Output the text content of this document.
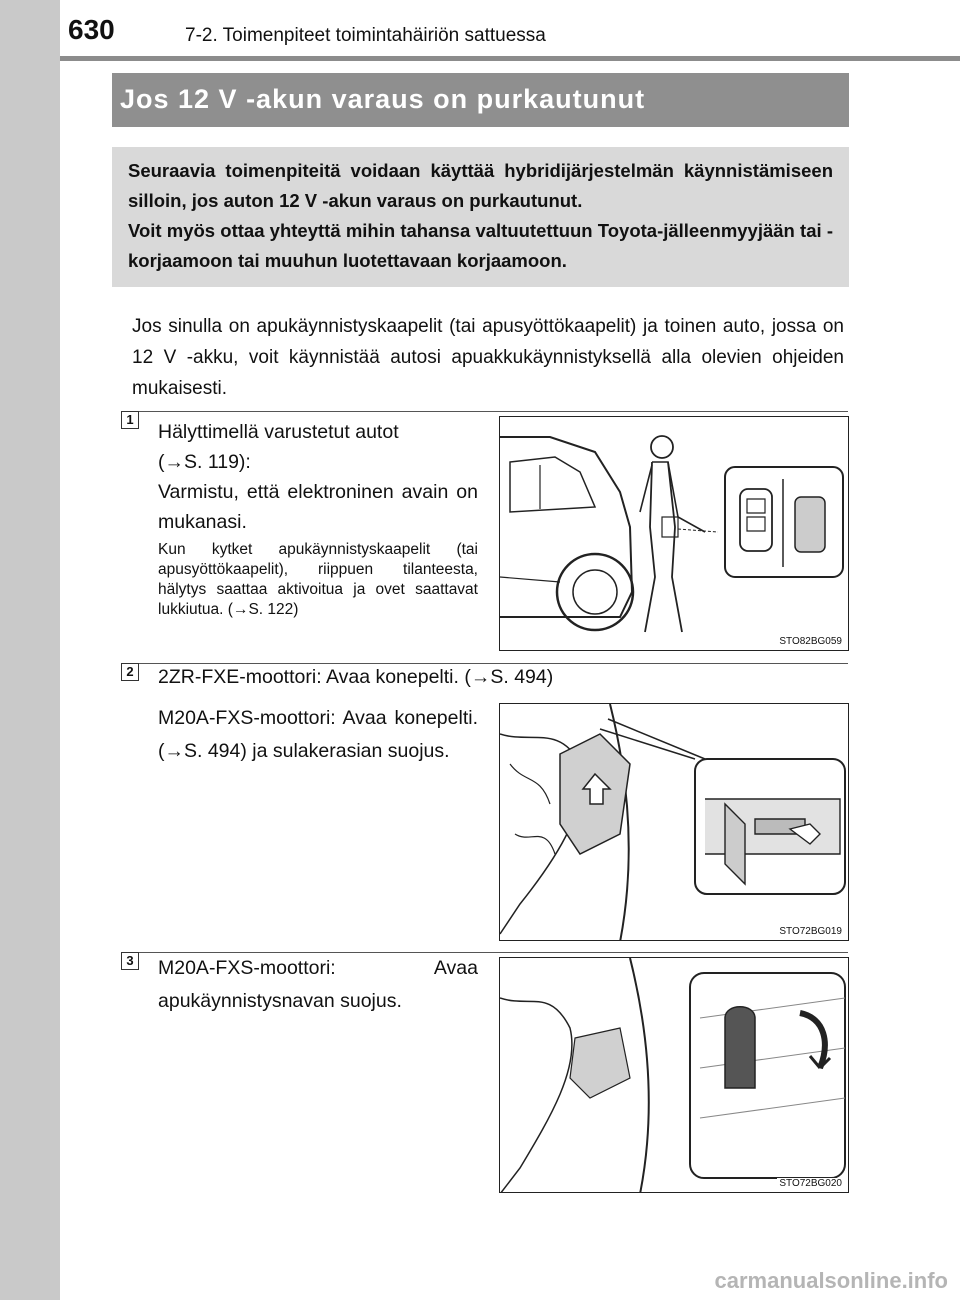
630	7-2. Toimenpiteet toimintahäiriön sattuessa
Jos 12 V -akun varaus on purkautunut

Seuraavia toimenpiteitä voidaan käyttää hybridijärjestelmän käynnistämiseen silloin, jos auton 12 V -akun varaus on purkautunut.

Voit myös ottaa yhteyttä mihin tahansa valtuutettuun Toyota-jälleenmyyjään tai -korjaamoon tai muuhun luotettavaan korjaamoon.

Jos sinulla on apukäynnistyskaapelit (tai apusyöttökaapelit) ja toinen auto, jossa on 12 V -akku, voit käynnistää autosi apuakkukäynnistyksellä alla olevien ohjeiden mukaisesti.
1
Hälyttimellä varustetut autot
(→S. 119):
Varmistu, että elektroninen avain on mukanasi.
Kun kytket apukäynnistyskaapelit (tai apusyöttökaapelit), riippuen tilanteesta, hälytys saattaa aktivoitua ja ovet saattavat lukkiutua. (→S. 122)
STO82BG059
2 2ZR-FXE-moottori: Avaa konepelti. (→S. 494)
M20A-FXS-moottori: Avaa konepelti. (→S. 494) ja sulakerasian suojus.
STO72BG019
3 M20A-FXS-moottori: Avaa apukäynnistysnavan suojus.
STO72BG020
carmanualsonline.info
